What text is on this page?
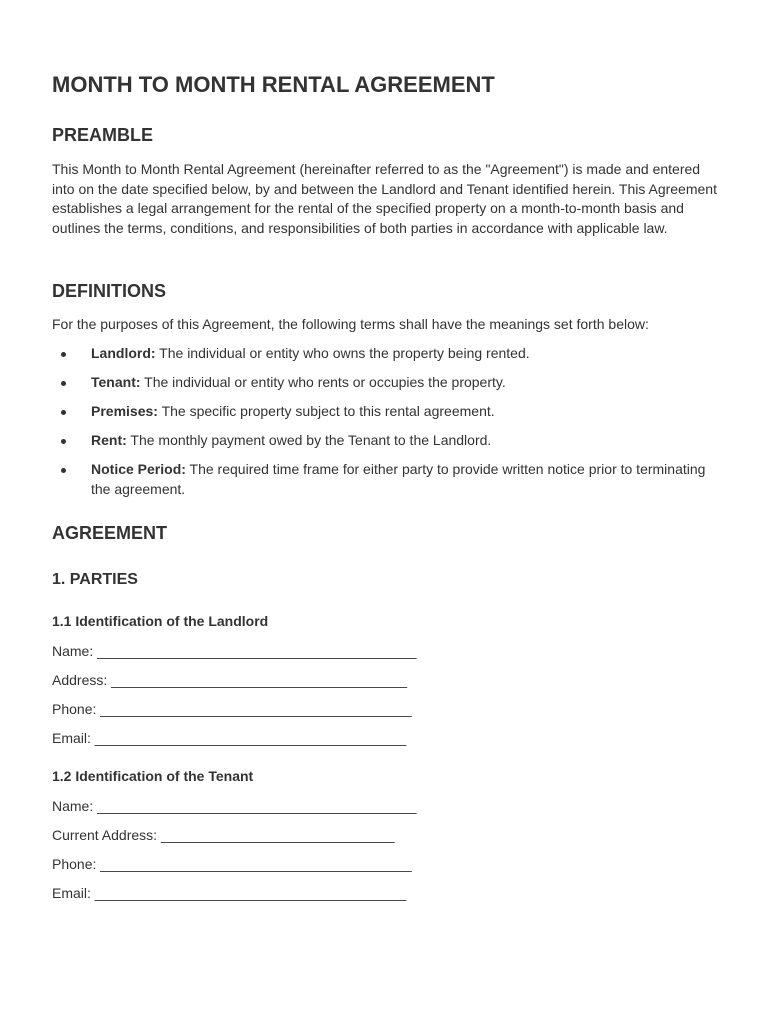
MONTH TO MONTH RENTAL AGREEMENT
PREAMBLE

This Month to Month Rental Agreement (hereinafter referred to as the "Agreement") is made and entered into on the date specified below, by and between the Landlord and Tenant identified herein. This Agreement establishes a legal arrangement for the rental of the specified property on a month-to-month basis and outlines the terms, conditions, and responsibilities of both parties in accordance with applicable law.

DEFINITIONS

For the purposes of this Agreement, the following terms shall have the meanings set forth below:

Landlord: The individual or entity who owns the property being rented.
Tenant: The individual or entity who rents or occupies the property.
Premises: The specific property subject to this rental agreement.
Rent: The monthly payment owed by the Tenant to the Landlord.
Notice Period: The required time frame for either party to provide written notice prior to terminating the agreement.
AGREEMENT
1. PARTIES
1.1 Identification of the Landlord

Name: _________________________________________

Address: ______________________________________

Phone: ________________________________________

Email: ________________________________________

1.2 Identification of the Tenant

Name: _________________________________________

Current Address: ______________________________

Phone: ________________________________________

Email: ________________________________________
